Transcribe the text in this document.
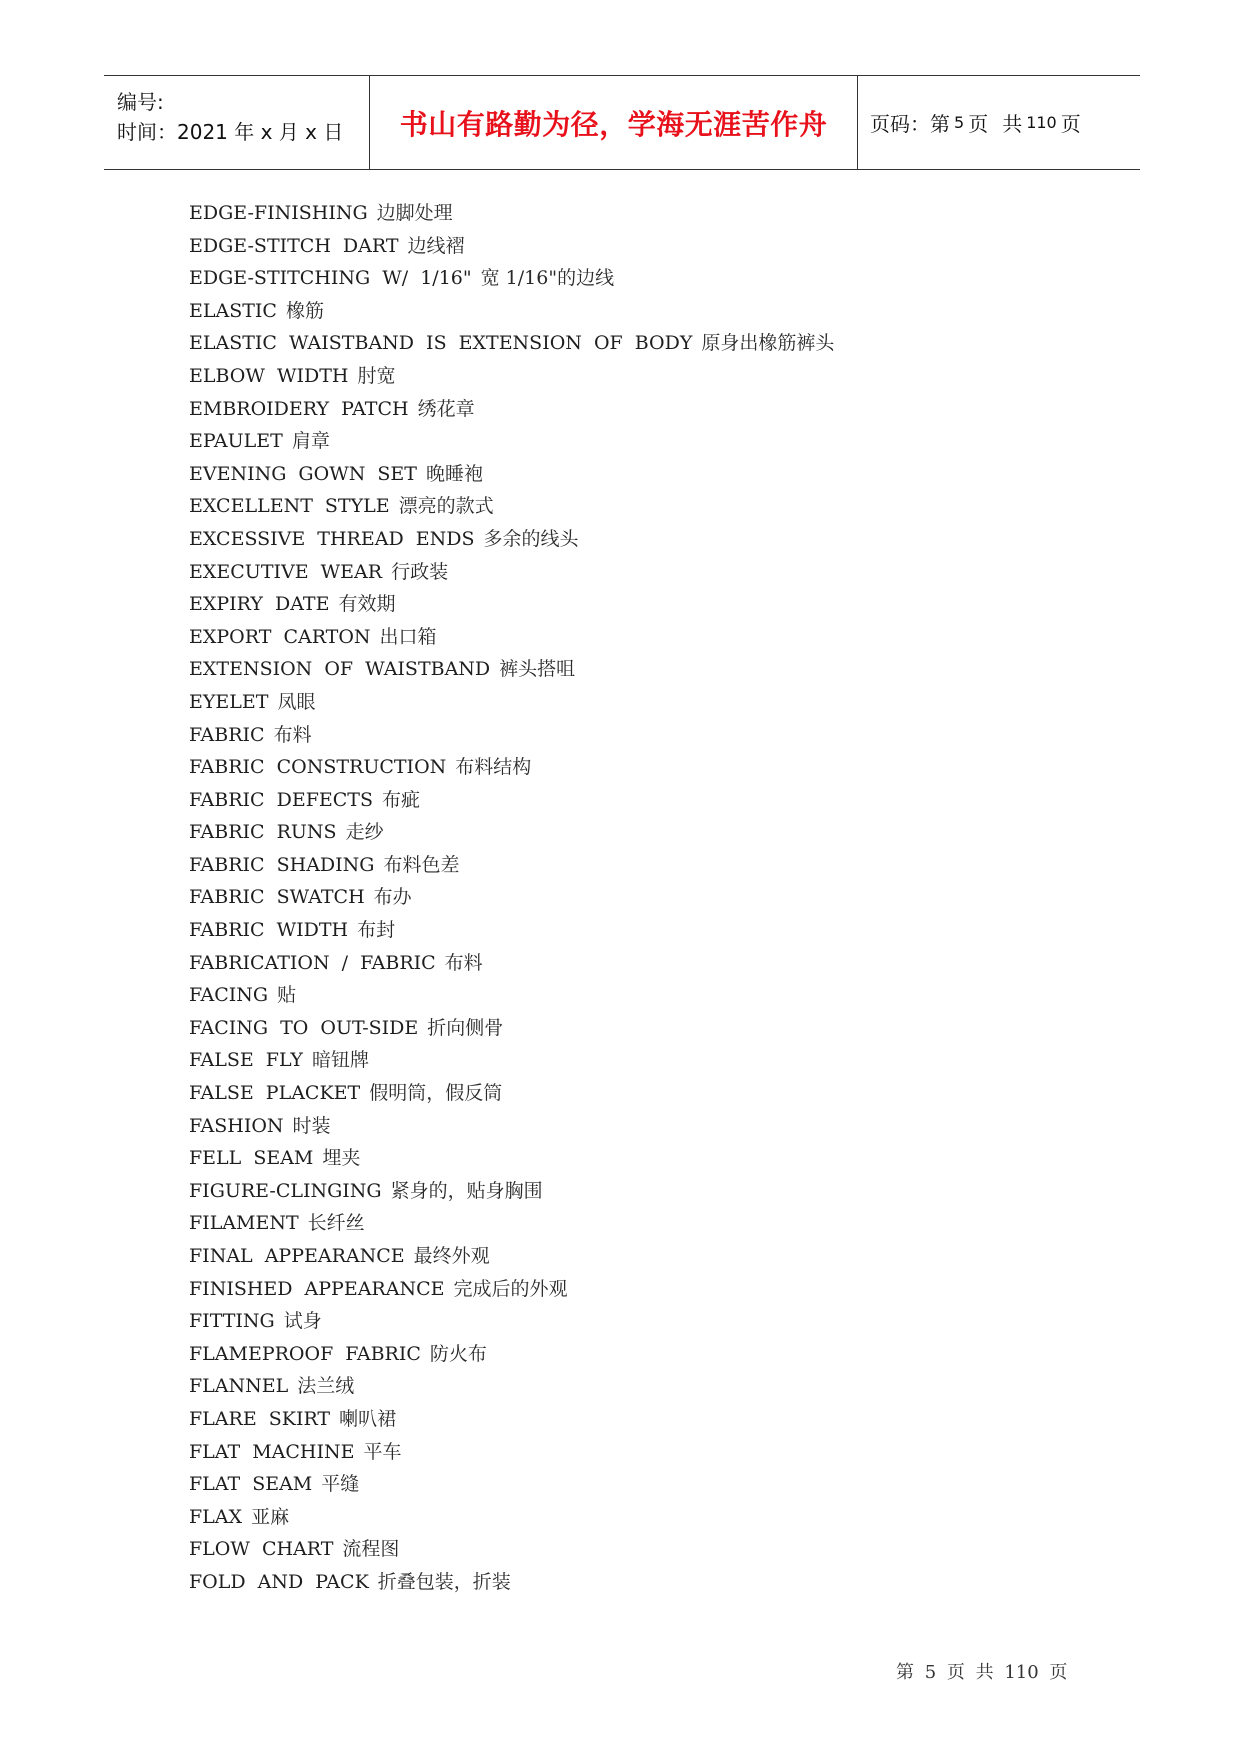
编号:
时间：2021 年 x 月 x 日	书山有路勤为径，学海无涯苦作舟 页码：第 5 页 共 110 页
EDGE-FINISHING 边脚处理
EDGE-STITCH DART 边线褶
EDGE-STITCHING W/ 1/16" 宽 1/16"的边线
ELASTIC 橡筋
ELASTIC WAISTBAND IS EXTENSION OF BODY 原身出橡筋裤头
ELBOW WIDTH 肘宽
EMBROIDERY PATCH 绣花章
EPAULET 肩章
EVENING GOWN SET 晚睡袍
EXCELLENT STYLE 漂亮的款式
EXCESSIVE THREAD ENDS 多余的线头
EXECUTIVE WEAR 行政装
EXPIRY DATE 有效期
EXPORT CARTON 出口箱
EXTENSION OF WAISTBAND 裤头搭咀
EYELET 凤眼
FABRIC 布料
FABRIC CONSTRUCTION 布料结构
FABRIC DEFECTS 布疵
FABRIC RUNS 走纱
FABRIC SHADING 布料色差
FABRIC SWATCH 布办
FABRIC WIDTH 布封
FABRICATION / FABRIC 布料
FACING 贴
FACING TO OUT-SIDE 折向侧骨
FALSE FLY 暗钮牌
FALSE PLACKET 假明筒，假反筒
FASHION 时装
FELL SEAM 埋夹
FIGURE-CLINGING 紧身的，贴身胸围
FILAMENT 长纤丝
FINAL APPEARANCE 最终外观
FINISHED APPEARANCE 完成后的外观
FITTING 试身
FLAMEPROOF FABRIC 防火布
FLANNEL 法兰绒
FLARE SKIRT 喇叭裙
FLAT MACHINE 平车
FLAT SEAM 平缝
FLAX 亚麻
FLOW CHART 流程图
FOLD AND PACK 折叠包装，折装
第 5 页 共 110 页
